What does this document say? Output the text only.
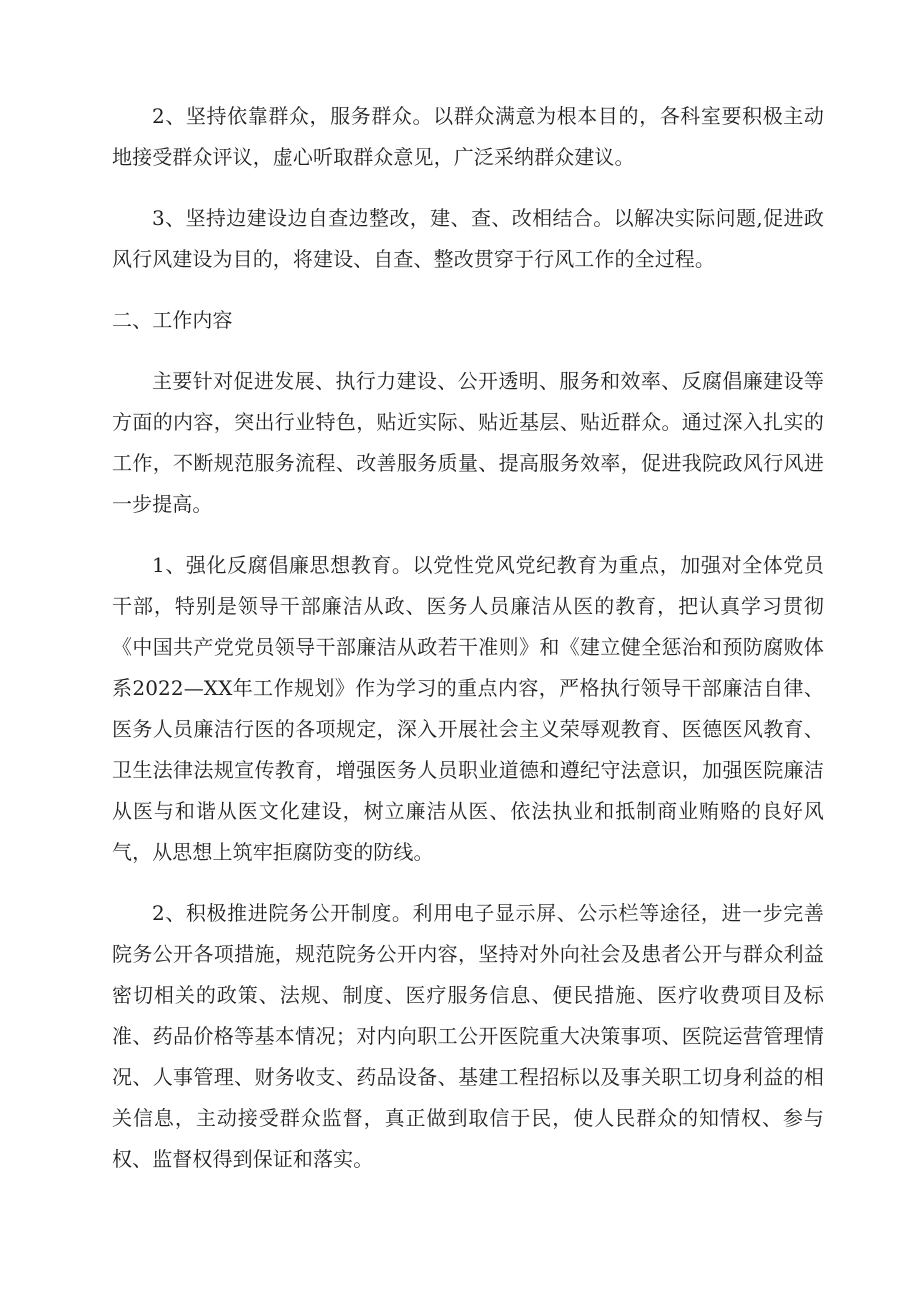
2、坚持依靠群众，服务群众。以群众满意为根本目的，各科室要积极主动地接受群众评议，虚心听取群众意见，广泛采纳群众建议。

3、坚持边建设边自查边整改，建、查、改相结合。以解决实际问题,促进政风行风建设为目的，将建设、自查、整改贯穿于行风工作的全过程。

二、工作内容

主要针对促进发展、执行力建设、公开透明、服务和效率、反腐倡廉建设等方面的内容，突出行业特色，贴近实际、贴近基层、贴近群众。通过深入扎实的工作，不断规范服务流程、改善服务质量、提高服务效率，促进我院政风行风进一步提高。

1、强化反腐倡廉思想教育。以党性党风党纪教育为重点，加强对全体党员干部，特别是领导干部廉洁从政、医务人员廉洁从医的教育，把认真学习贯彻《中国共产党党员领导干部廉洁从政若干准则》和《建立健全惩治和预防腐败体系2022—XX年工作规划》作为学习的重点内容，严格执行领导干部廉洁自律、医务人员廉洁行医的各项规定，深入开展社会主义荣辱观教育、医德医风教育、卫生法律法规宣传教育，增强医务人员职业道德和遵纪守法意识，加强医院廉洁从医与和谐从医文化建设，树立廉洁从医、依法执业和抵制商业贿赂的良好风气，从思想上筑牢拒腐防变的防线。

2、积极推进院务公开制度。利用电子显示屏、公示栏等途径，进一步完善院务公开各项措施，规范院务公开内容，坚持对外向社会及患者公开与群众利益密切相关的政策、法规、制度、医疗服务信息、便民措施、医疗收费项目及标准、药品价格等基本情况；对内向职工公开医院重大决策事项、医院运营管理情况、人事管理、财务收支、药品设备、基建工程招标以及事关职工切身利益的相关信息，主动接受群众监督，真正做到取信于民，使人民群众的知情权、参与权、监督权得到保证和落实。
